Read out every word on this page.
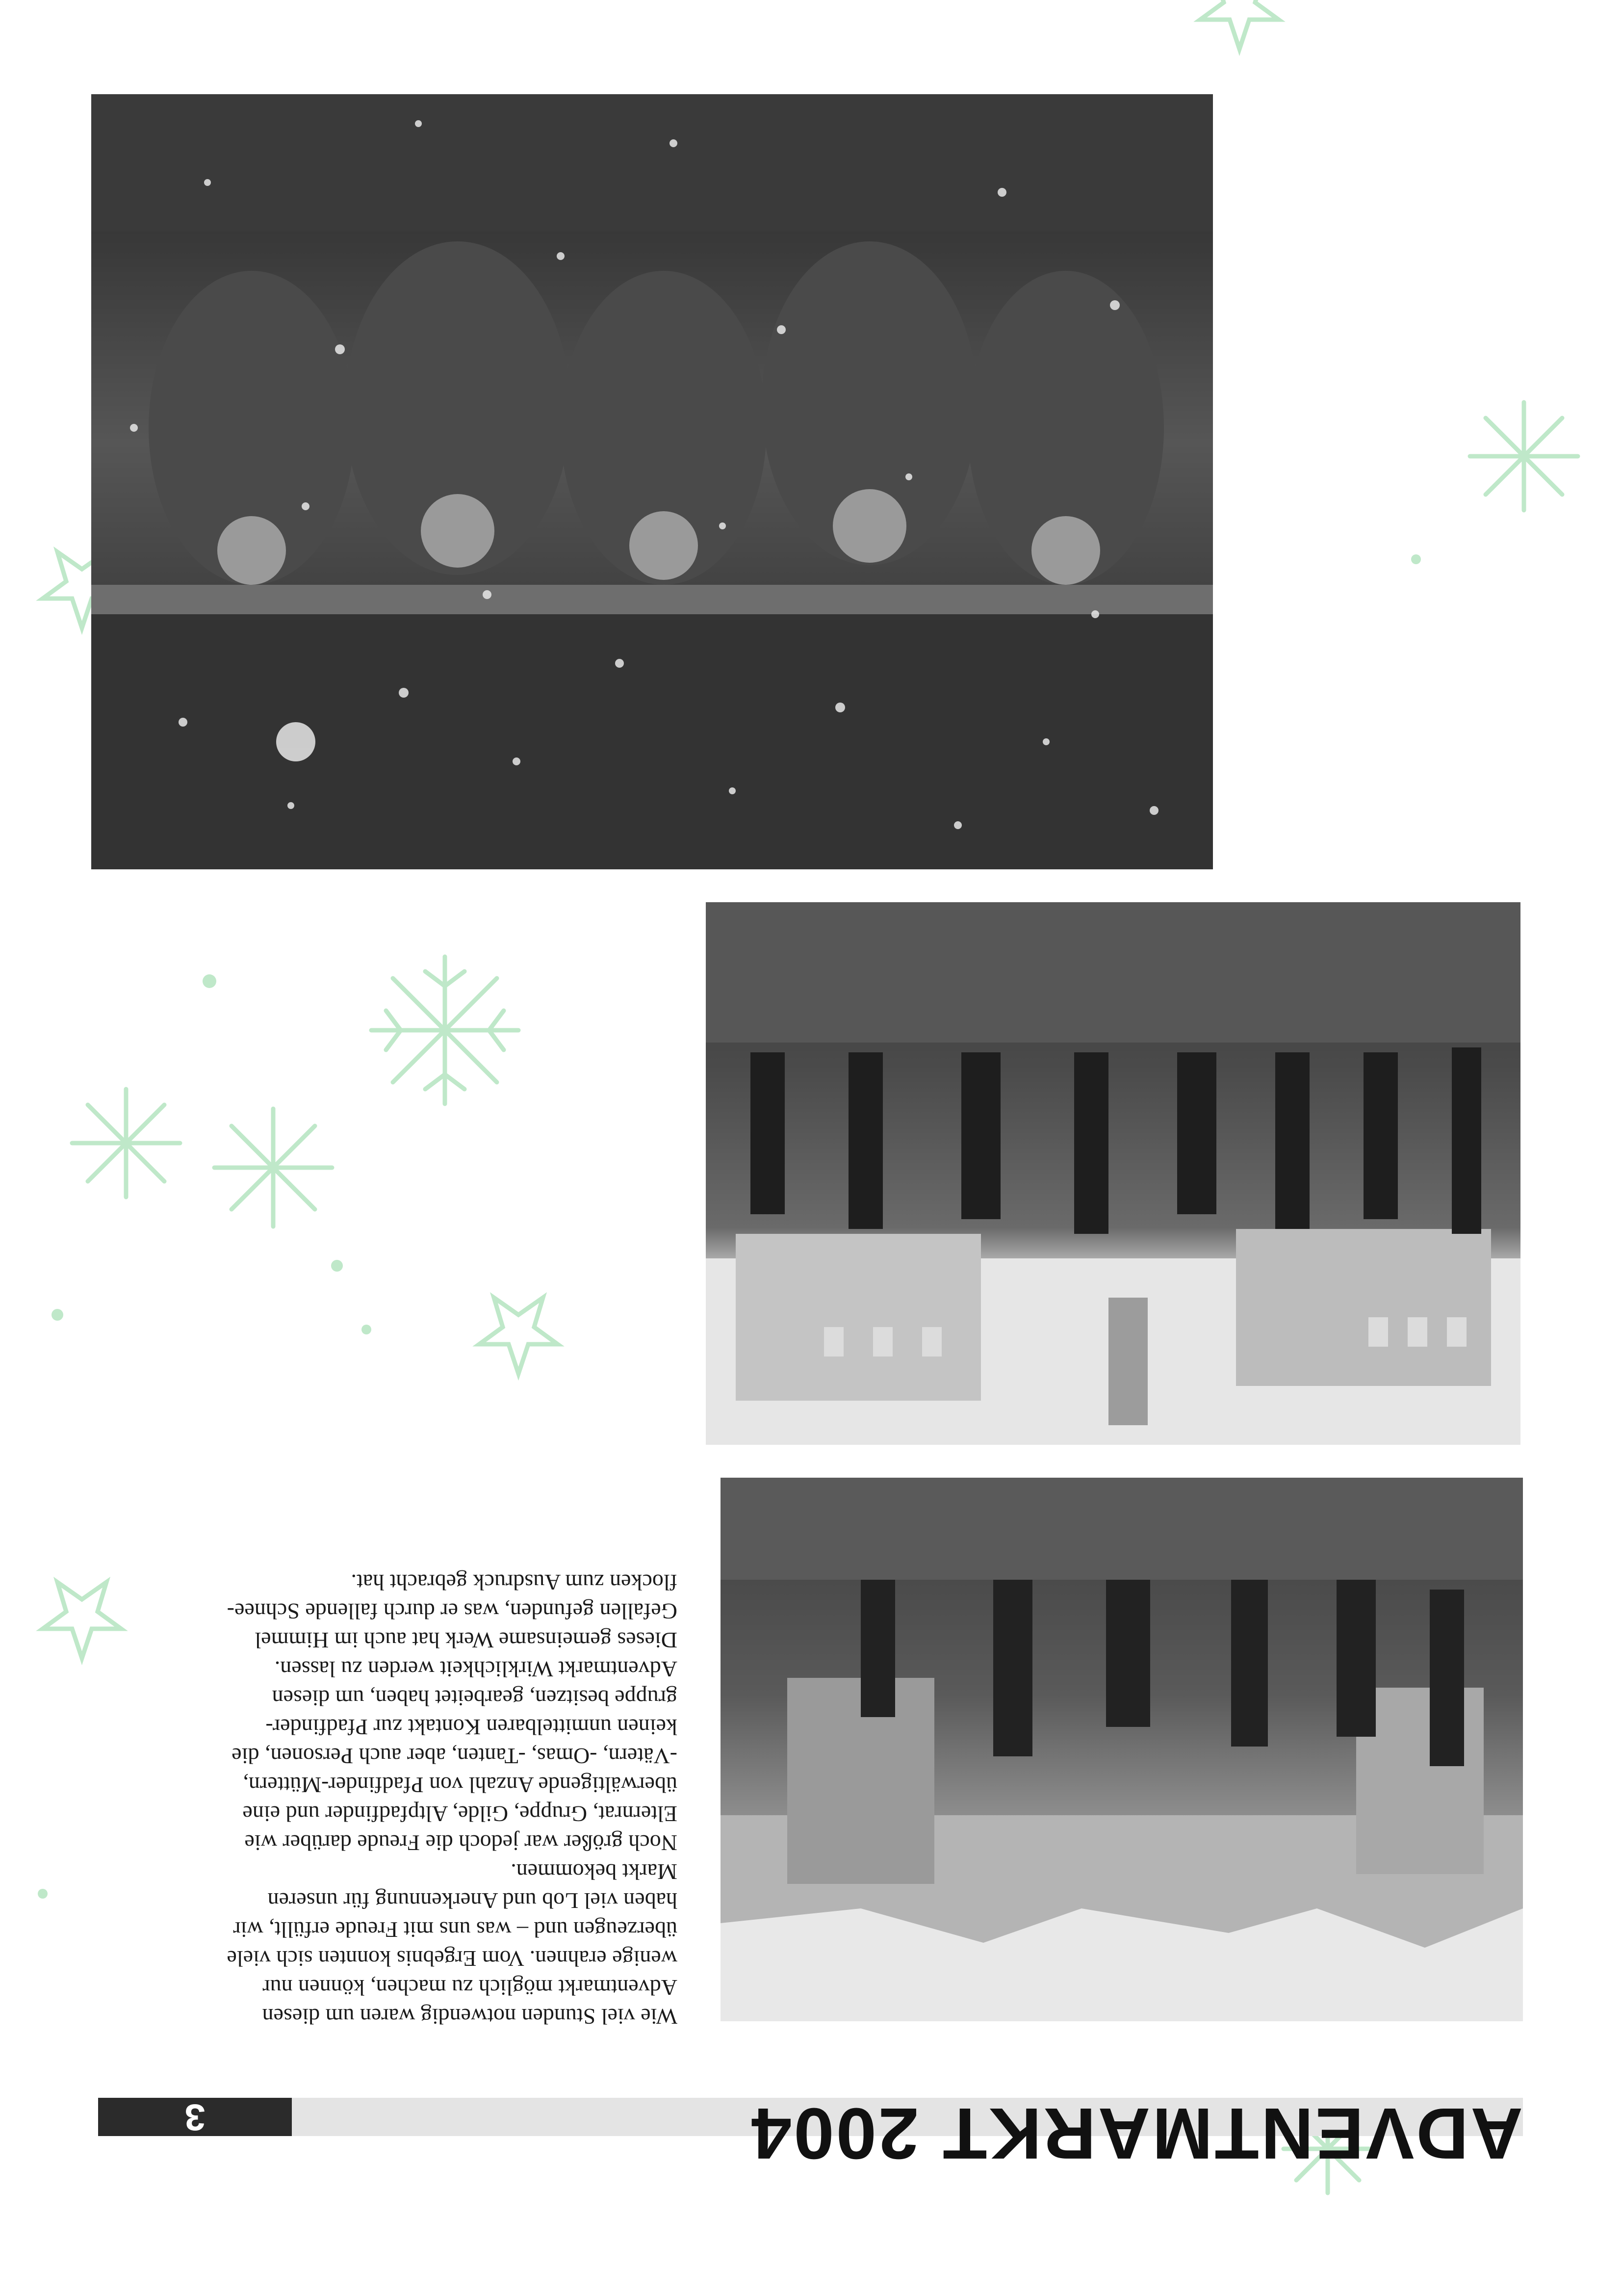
3	ADVENTMARKT 2004

Wie viel Stunden notwendig waren um diesen
Adventmarkt möglich zu machen, können nur
wenige erahnen. Vom Ergebnis konnten sich viele
überzeugen und – was uns mit Freude erfüllt, wir
haben viel Lob und Anerkennung für unseren
Markt bekommen.

Noch größer war jedoch die Freude darüber wie
Elternrat, Gruppe, Gilde, Altpfadfinder und eine
überwältigende Anzahl von Pfadfinder-Müttern,
-Vätern, -Omas, -Tanten, aber auch Personen, die
keinen unmittelbaren Kontakt zur Pfadfinder-
gruppe besitzen, gearbeitet haben, um diesen
Adventmarkt Wirklichkeit werden zu lassen.

Dieses gemeinsame Werk hat auch im Himmel
Gefallen gefunden, was er durch fallende Schnee-
flocken zum Ausdruck gebracht hat.
